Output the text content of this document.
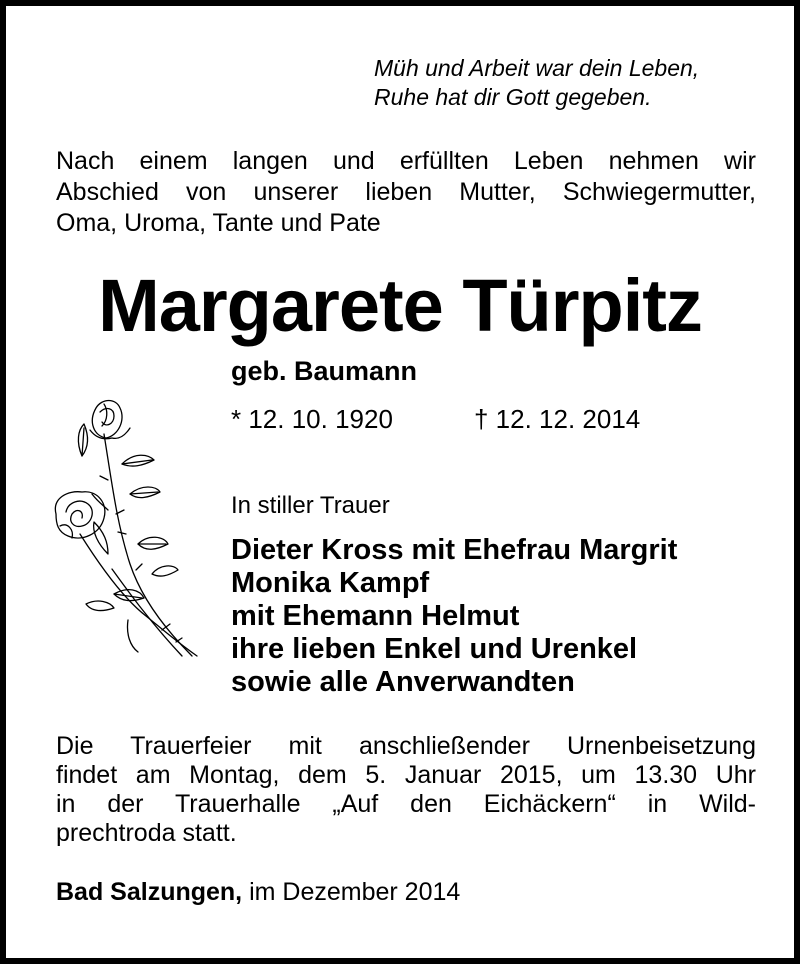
Müh und Arbeit war dein Leben,
Ruhe hat dir Gott gegeben.
Nach einem langen und erfüllten Leben nehmen wir
Abschied von unserer lieben Mutter, Schwiegermutter,
Oma, Uroma, Tante und Pate
Margarete Türpitz
geb. Baumann
* 12. 10. 1920	† 12. 12. 2014
In stiller Trauer
Dieter Kross mit Ehefrau Margrit
Monika Kampf
mit Ehemann Helmut
ihre lieben Enkel und Urenkel
sowie alle Anverwandten
Die Trauerfeier mit anschließender Urnenbeisetzung
findet am Montag, dem 5. Januar 2015, um 13.30 Uhr
in der Trauerhalle „Auf den Eichäckern“ in Wild-
prechtroda statt.
Bad Salzungen, im Dezember 2014
